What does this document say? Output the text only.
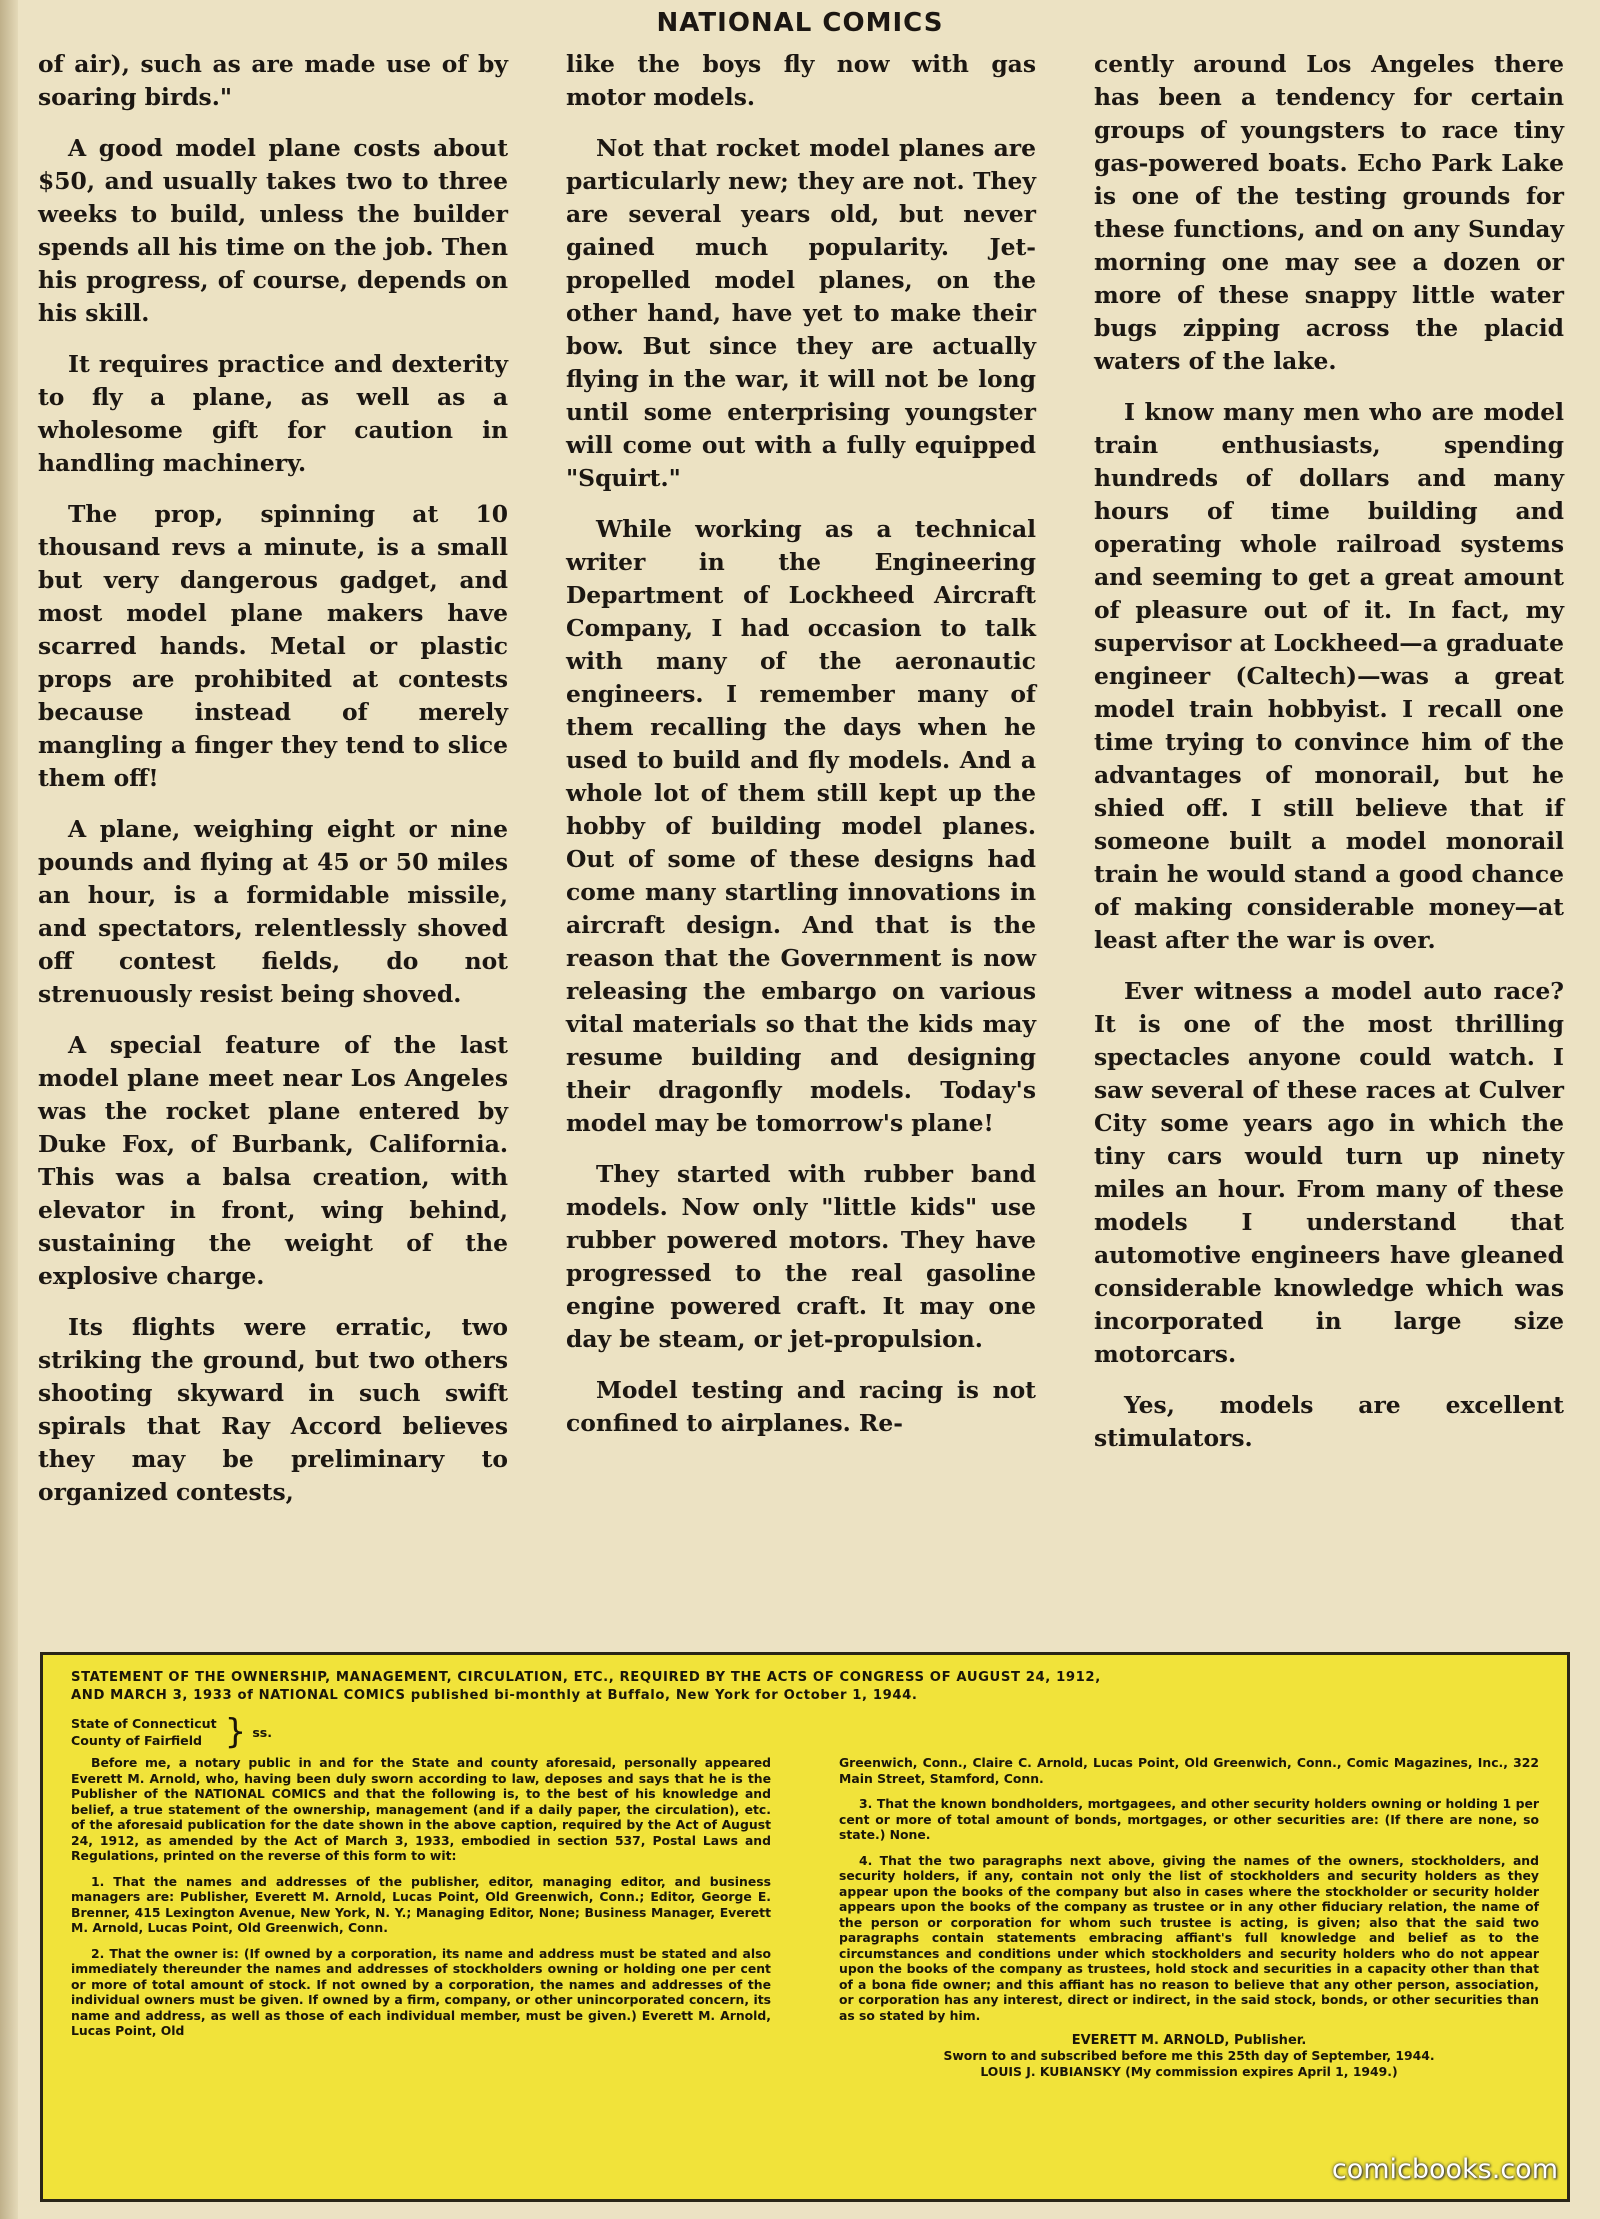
NATIONAL COMICS

of air), such as are made use of by soaring birds."

A good model plane costs about $50, and usually takes two to three weeks to build, unless the builder spends all his time on the job. Then his progress, of course, depends on his skill.

It requires practice and dexterity to fly a plane, as well as a wholesome gift for caution in handling machinery.

The prop, spinning at 10 thousand revs a minute, is a small but very dangerous gadget, and most model plane makers have scarred hands. Metal or plastic props are prohibited at contests because instead of merely mangling a finger they tend to slice them off!

A plane, weighing eight or nine pounds and flying at 45 or 50 miles an hour, is a formidable missile, and spectators, relentlessly shoved off contest fields, do not strenuously resist being shoved.

A special feature of the last model plane meet near Los Angeles was the rocket plane entered by Duke Fox, of Burbank, California. This was a balsa creation, with elevator in front, wing behind, sustaining the weight of the explosive charge.

Its flights were erratic, two striking the ground, but two others shooting skyward in such swift spirals that Ray Accord believes they may be preliminary to organized contests,

like the boys fly now with gas motor models.

Not that rocket model planes are particularly new; they are not. They are several years old, but never gained much popularity. Jet-propelled model planes, on the other hand, have yet to make their bow. But since they are actually flying in the war, it will not be long until some enterprising youngster will come out with a fully equipped "Squirt."

While working as a technical writer in the Engineering Department of Lockheed Aircraft Company, I had occasion to talk with many of the aeronautic engineers. I remember many of them recalling the days when he used to build and fly models. And a whole lot of them still kept up the hobby of building model planes. Out of some of these designs had come many startling innovations in aircraft design. And that is the reason that the Government is now releasing the embargo on various vital materials so that the kids may resume building and designing their dragonfly models. Today's model may be tomorrow's plane!

They started with rubber band models. Now only "little kids" use rubber powered motors. They have progressed to the real gasoline engine powered craft. It may one day be steam, or jet-propulsion.

Model testing and racing is not confined to airplanes. Re-

cently around Los Angeles there has been a tendency for certain groups of youngsters to race tiny gas-powered boats. Echo Park Lake is one of the testing grounds for these functions, and on any Sunday morning one may see a dozen or more of these snappy little water bugs zipping across the placid waters of the lake.

I know many men who are model train enthusiasts, spending hundreds of dollars and many hours of time building and operating whole railroad systems and seeming to get a great amount of pleasure out of it. In fact, my supervisor at Lockheed—a graduate engineer (Caltech)—was a great model train hobbyist. I recall one time trying to convince him of the advantages of monorail, but he shied off. I still believe that if someone built a model monorail train he would stand a good chance of making considerable money—at least after the war is over.

Ever witness a model auto race? It is one of the most thrilling spectacles anyone could watch. I saw several of these races at Culver City some years ago in which the tiny cars would turn up ninety miles an hour. From many of these models I understand that automotive engineers have gleaned considerable knowledge which was incorporated in large size motorcars.

Yes, models are excellent stimulators.

STATEMENT OF THE OWNERSHIP, MANAGEMENT, CIRCULATION, ETC., REQUIRED BY THE ACTS OF CONGRESS OF AUGUST 24, 1912,
AND MARCH 3, 1933 of NATIONAL COMICS published bi-monthly at Buffalo, New York for October 1, 1944.
State of Connecticut
County of Fairfield } ss.

Before me, a notary public in and for the State and county aforesaid, personally appeared Everett M. Arnold, who, having been duly sworn according to law, deposes and says that he is the Publisher of the NATIONAL COMICS and that the following is, to the best of his knowledge and belief, a true statement of the ownership, management (and if a daily paper, the circulation), etc. of the aforesaid publication for the date shown in the above caption, required by the Act of August 24, 1912, as amended by the Act of March 3, 1933, embodied in section 537, Postal Laws and Regulations, printed on the reverse of this form to wit:

1. That the names and addresses of the publisher, editor, managing editor, and business managers are: Publisher, Everett M. Arnold, Lucas Point, Old Greenwich, Conn.; Editor, George E. Brenner, 415 Lexington Avenue, New York, N. Y.; Managing Editor, None; Business Manager, Everett M. Arnold, Lucas Point, Old Greenwich, Conn.

2. That the owner is: (If owned by a corporation, its name and address must be stated and also immediately thereunder the names and addresses of stockholders owning or holding one per cent or more of total amount of stock. If not owned by a corporation, the names and addresses of the individual owners must be given. If owned by a firm, company, or other unincorporated concern, its name and address, as well as those of each individual member, must be given.) Everett M. Arnold, Lucas Point, Old

Greenwich, Conn., Claire C. Arnold, Lucas Point, Old Greenwich, Conn., Comic Magazines, Inc., 322 Main Street, Stamford, Conn.

3. That the known bondholders, mortgagees, and other security holders owning or holding 1 per cent or more of total amount of bonds, mortgages, or other securities are: (If there are none, so state.) None.

4. That the two paragraphs next above, giving the names of the owners, stockholders, and security holders, if any, contain not only the list of stockholders and security holders as they appear upon the books of the company but also in cases where the stockholder or security holder appears upon the books of the company as trustee or in any other fiduciary relation, the name of the person or corporation for whom such trustee is acting, is given; also that the said two paragraphs contain statements embracing affiant's full knowledge and belief as to the circumstances and conditions under which stockholders and security holders who do not appear upon the books of the company as trustees, hold stock and securities in a capacity other than that of a bona fide owner; and this affiant has no reason to believe that any other person, association, or corporation has any interest, direct or indirect, in the said stock, bonds, or other securities than as so stated by him.

EVERETT M. ARNOLD, Publisher.
Sworn to and subscribed before me this 25th day of September, 1944.
LOUIS J. KUBIANSKY (My commission expires April 1, 1949.)
comicbooks.com
